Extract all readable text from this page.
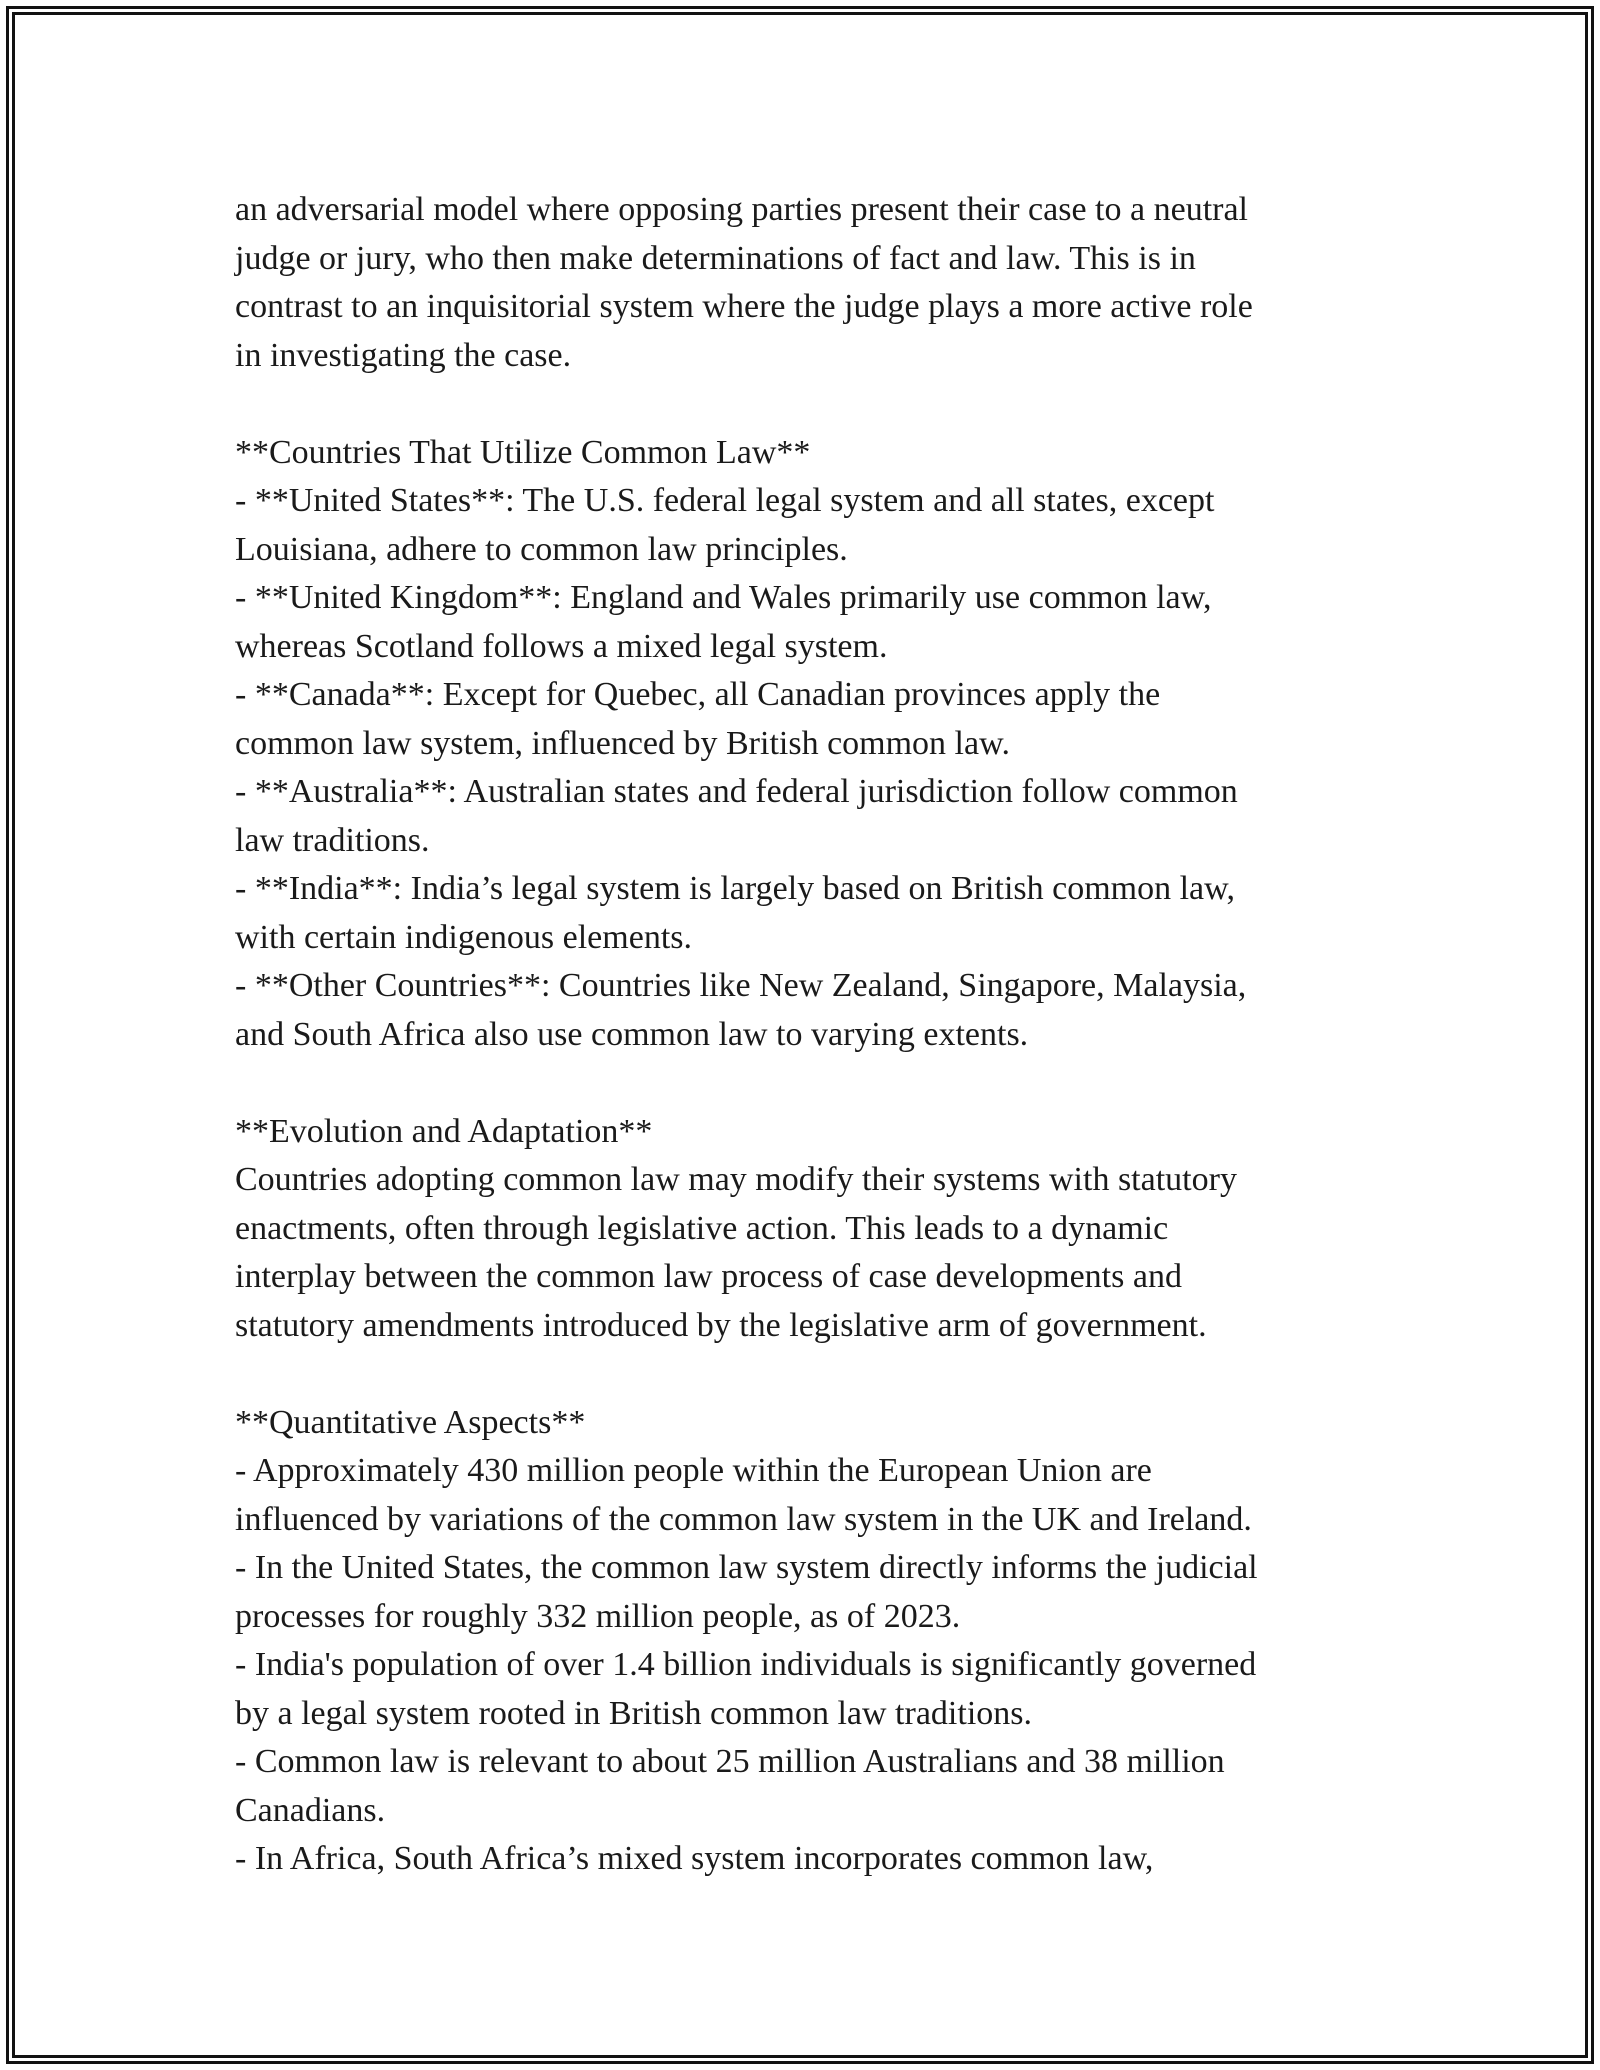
an adversarial model where opposing parties present their case to a neutral

judge or jury, who then make determinations of fact and law. This is in

contrast to an inquisitorial system where the judge plays a more active role

in investigating the case.

**Countries That Utilize Common Law**

- **United States**: The U.S. federal legal system and all states, except

Louisiana, adhere to common law principles.

- **United Kingdom**: England and Wales primarily use common law,

whereas Scotland follows a mixed legal system.

- **Canada**: Except for Quebec, all Canadian provinces apply the

common law system, influenced by British common law.

- **Australia**: Australian states and federal jurisdiction follow common

law traditions.

- **India**: India’s legal system is largely based on British common law,

with certain indigenous elements.

- **Other Countries**: Countries like New Zealand, Singapore, Malaysia,

and South Africa also use common law to varying extents.

**Evolution and Adaptation**

Countries adopting common law may modify their systems with statutory

enactments, often through legislative action. This leads to a dynamic

interplay between the common law process of case developments and

statutory amendments introduced by the legislative arm of government.

**Quantitative Aspects**

- Approximately 430 million people within the European Union are

influenced by variations of the common law system in the UK and Ireland.

- In the United States, the common law system directly informs the judicial

processes for roughly 332 million people, as of 2023.

- India's population of over 1.4 billion individuals is significantly governed

by a legal system rooted in British common law traditions.

- Common law is relevant to about 25 million Australians and 38 million

Canadians.

- In Africa, South Africa’s mixed system incorporates common law,
